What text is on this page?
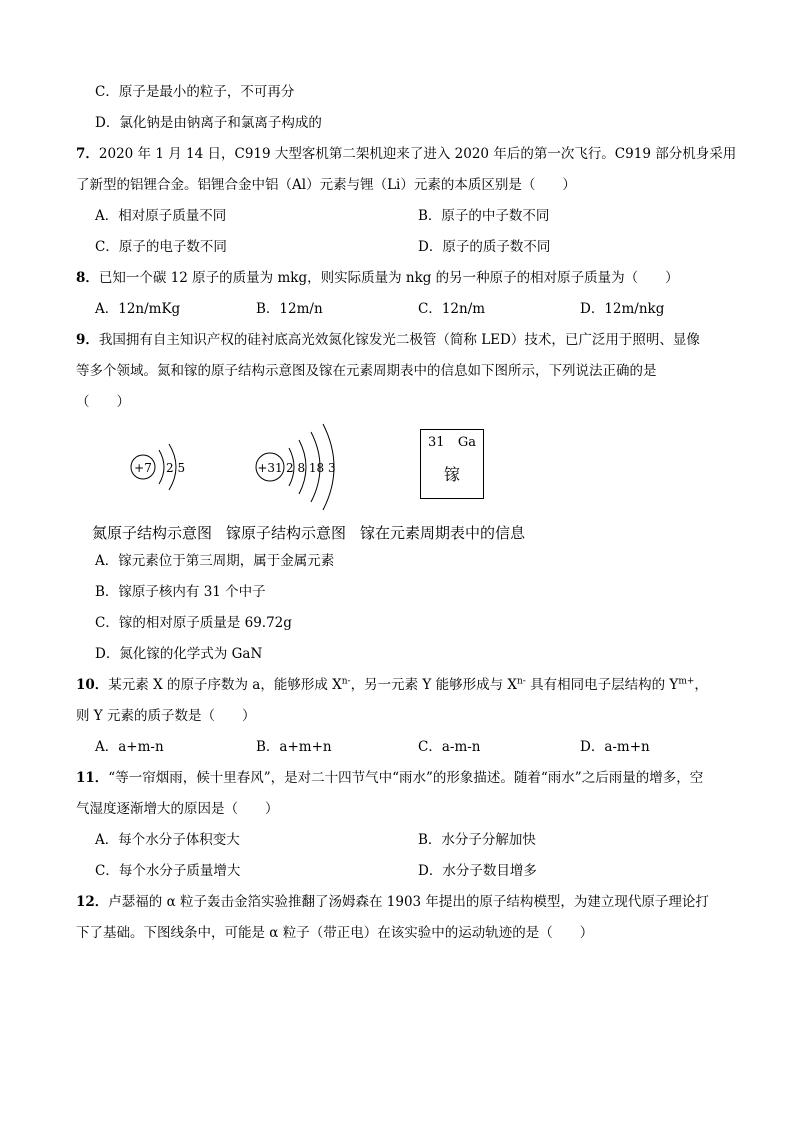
C．原子是最小的粒子，不可再分
D．氯化钠是由钠离子和氯离子构成的
7．2020 年 1 月 14 日，C919 大型客机第二架机迎来了进入 2020 年后的第一次飞行。C919 部分机身采用
了新型的铝锂合金。铝锂合金中铝（Al）元素与锂（Li）元素的本质区别是（　　）
A．相对原子质量不同	B．原子的中子数不同
C．原子的电子数不同	D．原子的质子数不同
8．已知一个碳 12 原子的质量为 mkg，则实际质量为 nkg 的另一种原子的相对原子质量为（　　）
A．12n/mKg	B．12m/n	C．12n/m	D．12m/nkg
9．我国拥有自主知识产权的硅衬底高光效氮化镓发光二极管（简称 LED）技术，已广泛用于照明、显像
等多个领域。氮和镓的原子结构示意图及镓在元素周期表中的信息如下图所示，下列说法正确的是
（　　）
+7 2 5	+31 2 8 18 3
31 Ga
镓
氮原子结构示意图 镓原子结构示意图 镓在元素周期表中的信息
A．镓元素位于第三周期，属于金属元素
B．镓原子核内有 31 个中子
C．镓的相对原子质量是 69.72g
D．氮化镓的化学式为 GaN
10．某元素 X 的原子序数为 a，能够形成 $X^{n-}$，另一元素 Y 能够形成与 $X^{n-}$ 具有相同电子层结构的 $Y^{m+}$，
则 Y 元素的质子数是（　　）
A．a+m-n	B．a+m+n	C．a-m-n	D．a-m+n
11．“等一帘烟雨，候十里春风”，是对二十四节气中“雨水”的形象描述。随着“雨水”之后雨量的增多，空
气湿度逐渐增大的原因是（　　）
A．每个水分子体积变大	B．水分子分解加快
C．每个水分子质量增大	D．水分子数目增多
12．卢瑟福的 α 粒子轰击金箔实验推翻了汤姆森在 1903 年提出的原子结构模型，为建立现代原子理论打
下了基础。下图线条中，可能是 α 粒子（带正电）在该实验中的运动轨迹的是（　　）
